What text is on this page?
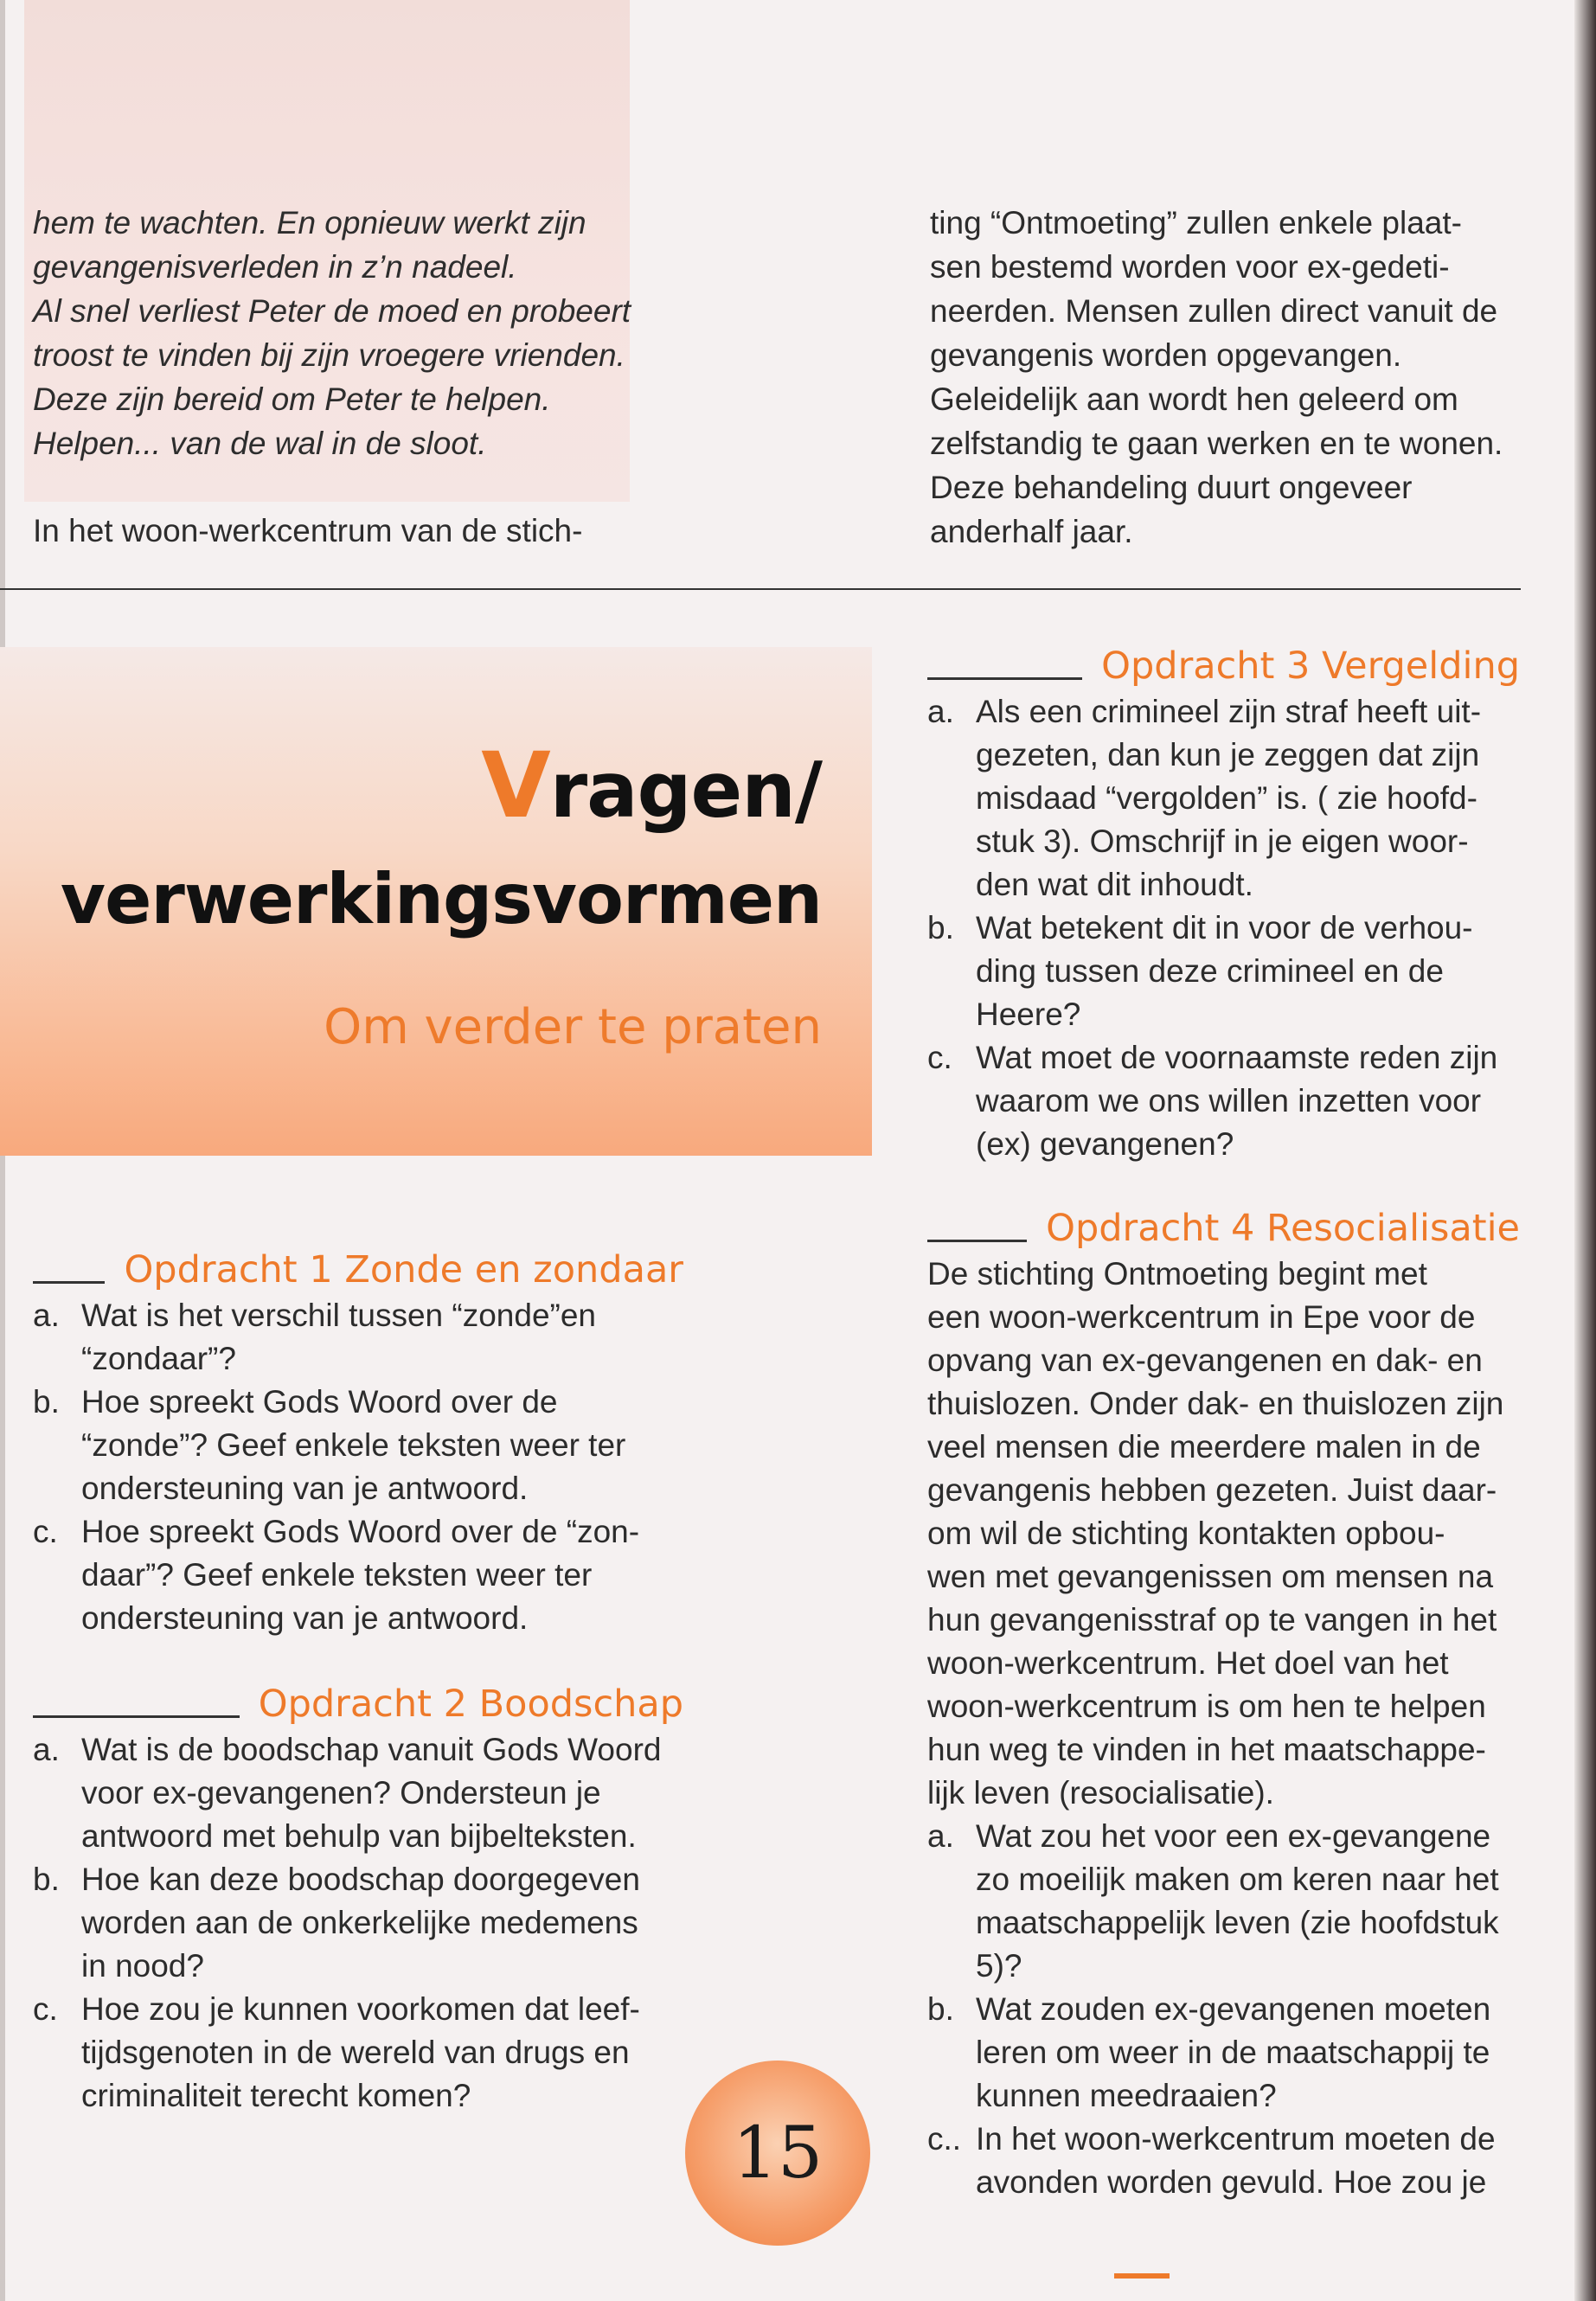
hem te wachten. En opnieuw werkt zijn
gevangenisverleden in z’n nadeel.
Al snel verliest Peter de moed en probeert
troost te vinden bij zijn vroegere vrienden.
Deze zijn bereid om Peter te helpen.
Helpen... van de wal in de sloot.
In het woon-werkcentrum van de stich-
ting “Ontmoeting” zullen enkele plaat-
sen bestemd worden voor ex-gedeti-
neerden. Mensen zullen direct vanuit de
gevangenis worden opgevangen.
Geleidelijk aan wordt hen geleerd om
zelfstandig te gaan werken en te wonen.
Deze behandeling duurt ongeveer
anderhalf jaar.
Vragen/
verwerkingsvormen
Om verder te praten
Opdracht 1 Zonde en zondaar
a. Wat is het verschil tussen “zonde”en
“zondaar”?
b. Hoe spreekt Gods Woord over de
“zonde”? Geef enkele teksten weer ter
ondersteuning van je antwoord.
c. Hoe spreekt Gods Woord over de “zon-
daar”? Geef enkele teksten weer ter
ondersteuning van je antwoord.
Opdracht 2 Boodschap
a. Wat is de boodschap vanuit Gods Woord
voor ex-gevangenen? Ondersteun je
antwoord met behulp van bijbelteksten.
b. Hoe kan deze boodschap doorgegeven
worden aan de onkerkelijke medemens
in nood?
c. Hoe zou je kunnen voorkomen dat leef-
tijdsgenoten in de wereld van drugs en
criminaliteit terecht komen?
Opdracht 3 Vergelding
a. Als een crimineel zijn straf heeft uit-
gezeten, dan kun je zeggen dat zijn
misdaad “vergolden” is. ( zie hoofd-
stuk 3). Omschrijf in je eigen woor-
den wat dit inhoudt.
b. Wat betekent dit in voor de verhou-
ding tussen deze crimineel en de
Heere?
c. Wat moet de voornaamste reden zijn
waarom we ons willen inzetten voor
(ex) gevangenen?
Opdracht 4 Resocialisatie
De stichting Ontmoeting begint met
een woon-werkcentrum in Epe voor de
opvang van ex-gevangenen en dak- en
thuislozen. Onder dak- en thuislozen zijn
veel mensen die meerdere malen in de
gevangenis hebben gezeten. Juist daar-
om wil de stichting kontakten opbou-
wen met gevangenissen om mensen na
hun gevangenisstraf op te vangen in het
woon-werkcentrum. Het doel van het
woon-werkcentrum is om hen te helpen
hun weg te vinden in het maatschappe-
lijk leven (resocialisatie).
a. Wat zou het voor een ex-gevangene
zo moeilijk maken om keren naar het
maatschappelijk leven (zie hoofdstuk
5)?
b. Wat zouden ex-gevangenen moeten
leren om weer in de maatschappij te
kunnen meedraaien?
c.. In het woon-werkcentrum moeten de
avonden worden gevuld. Hoe zou je
15
